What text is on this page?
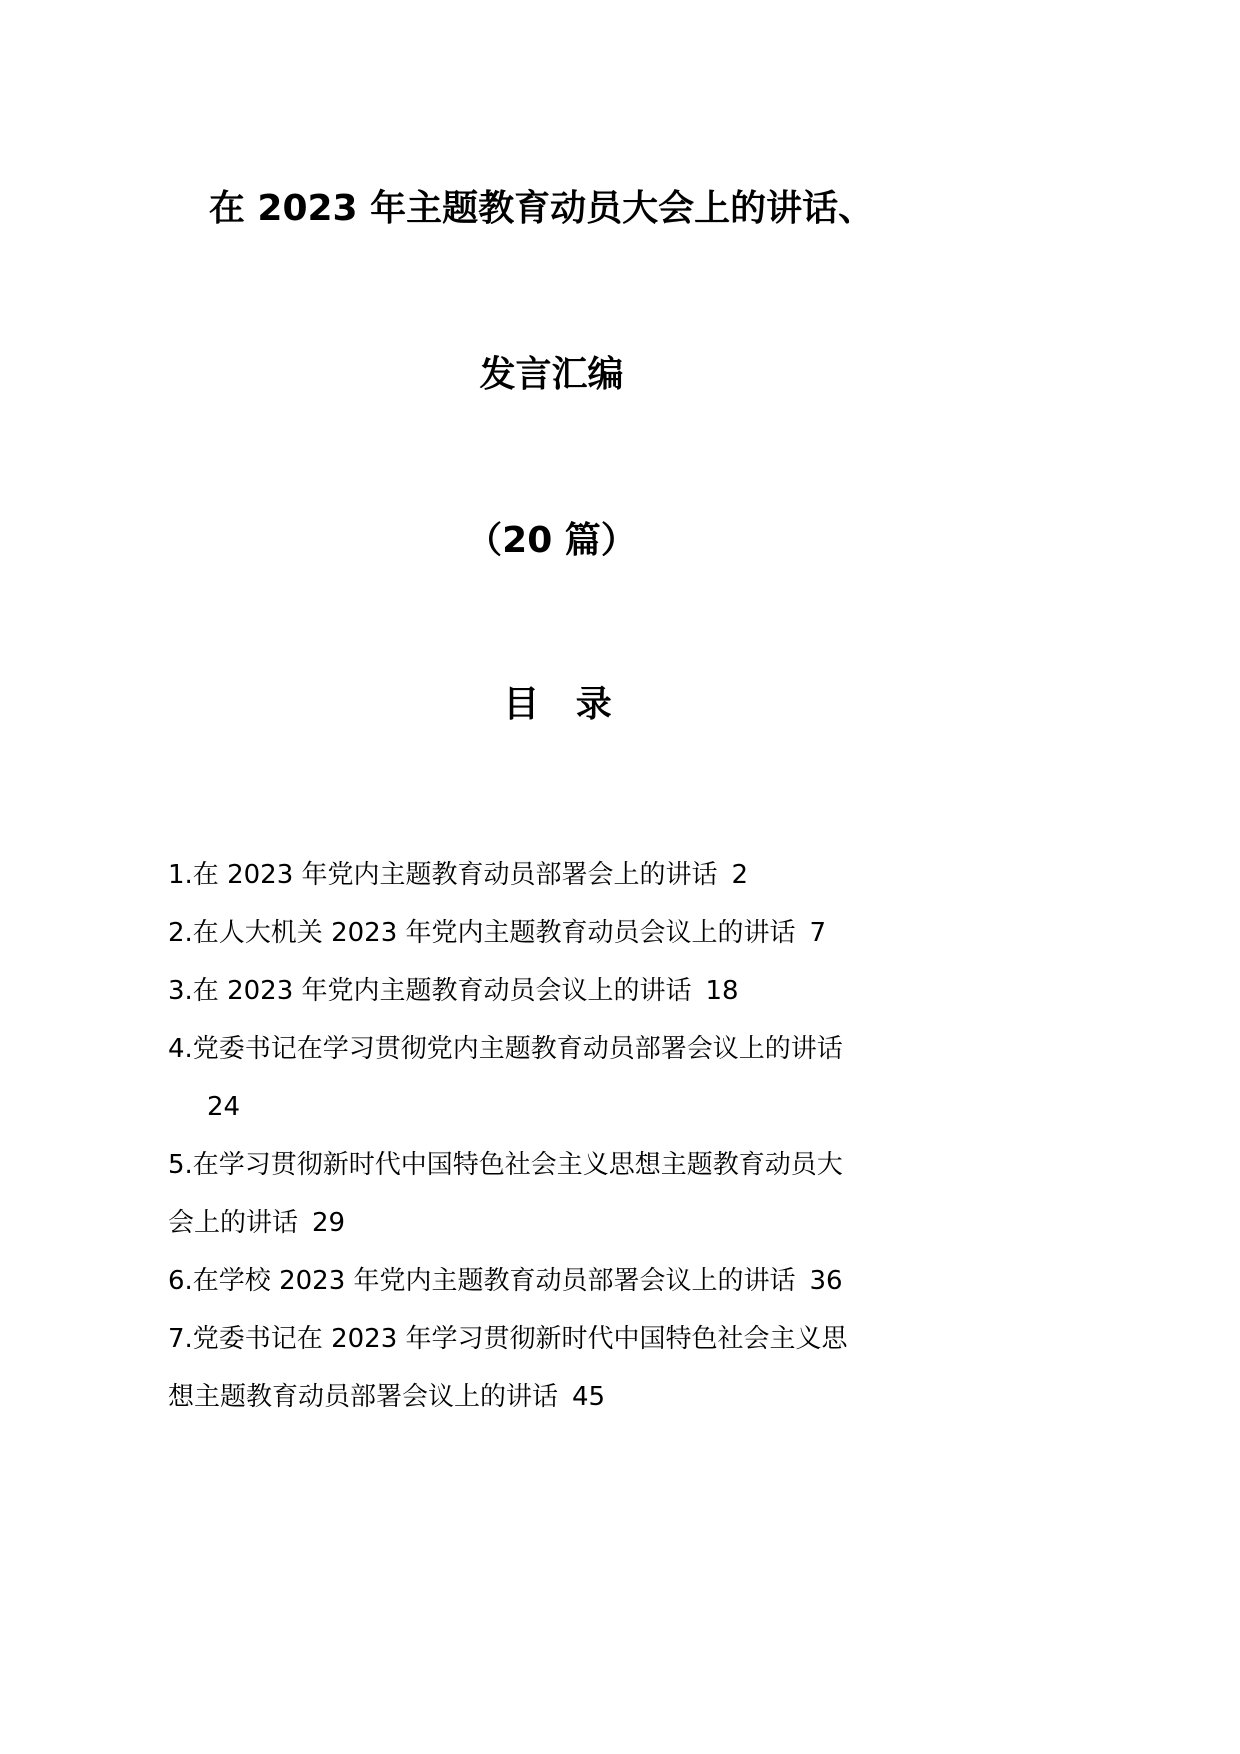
在 2023 年主题教育动员大会上的讲话、
发言汇编
（20 篇）
目 录
1.在 2023 年党内主题教育动员部署会上的讲话 2
2.在人大机关 2023 年党内主题教育动员会议上的讲话 7
3.在 2023 年党内主题教育动员会议上的讲话 18
4.党委书记在学习贯彻党内主题教育动员部署会议上的讲话
24
5.在学习贯彻新时代中国特色社会主义思想主题教育动员大
会上的讲话 29
6.在学校 2023 年党内主题教育动员部署会议上的讲话 36
7.党委书记在 2023 年学习贯彻新时代中国特色社会主义思
想主题教育动员部署会议上的讲话 45
